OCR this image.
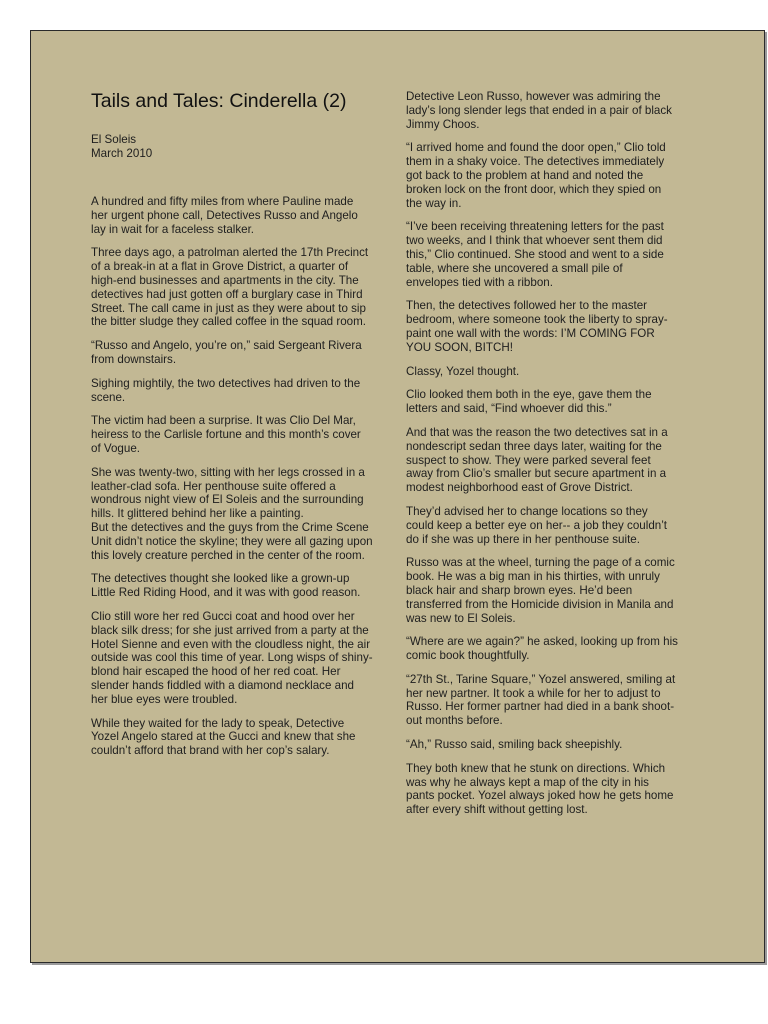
Tails and Tales: Cinderella (2)
El Soleis
March 2010

A hundred and fifty miles from where Pauline made her urgent phone call, Detectives Russo and Angelo lay in wait for a faceless stalker.

Three days ago, a patrolman alerted the 17th Precinct of a break-in at a flat in Grove District, a quarter of high-end businesses and apartments in the city. The detectives had just gotten off a burglary case in Third Street. The call came in just as they were about to sip the bitter sludge they called coffee in the squad room.

“Russo and Angelo, you’re on,” said Sergeant Rivera from downstairs.

Sighing mightily, the two detectives had driven to the scene.

The victim had been a surprise. It was Clio Del Mar, heiress to the Carlisle fortune and this month’s cover of Vogue.

She was twenty-two, sitting with her legs crossed in a leather-clad sofa. Her penthouse suite offered a wondrous night view of El Soleis and the surrounding hills. It glittered behind her like a painting.
But the detectives and the guys from the Crime Scene Unit didn’t notice the skyline; they were all gazing upon this lovely creature perched in the center of the room.

The detectives thought she looked like a grown-up Little Red Riding Hood, and it was with good reason.

Clio still wore her red Gucci coat and hood over her black silk dress; for she just arrived from a party at the Hotel Sienne and even with the cloudless night, the air outside was cool this time of year. Long wisps of shiny-blond hair escaped the hood of her red coat. Her slender hands fiddled with a diamond necklace and her blue eyes were troubled.

While they waited for the lady to speak, Detective Yozel Angelo stared at the Gucci and knew that she couldn’t afford that brand with her cop’s salary.

Detective Leon Russo, however was admiring the lady’s long slender legs that ended in a pair of black Jimmy Choos.

“I arrived home and found the door open,” Clio told them in a shaky voice. The detectives immediately got back to the problem at hand and noted the broken lock on the front door, which they spied on the way in.

“I’ve been receiving threatening letters for the past two weeks, and I think that whoever sent them did this,” Clio continued. She stood and went to a side table, where she uncovered a small pile of envelopes tied with a ribbon.

Then, the detectives followed her to the master bedroom, where someone took the liberty to spray-paint one wall with the words: I’M COMING FOR YOU SOON, BITCH!

Classy, Yozel thought.

Clio looked them both in the eye, gave them the letters and said, “Find whoever did this.”

And that was the reason the two detectives sat in a nondescript sedan three days later, waiting for the suspect to show. They were parked several feet away from Clio’s smaller but secure apartment in a modest neighborhood east of Grove District.

They’d advised her to change locations so they could keep a better eye on her-- a job they couldn’t do if she was up there in her penthouse suite.

Russo was at the wheel, turning the page of a comic book. He was a big man in his thirties, with unruly black hair and sharp brown eyes. He’d been transferred from the Homicide division in Manila and was new to El Soleis.

“Where are we again?” he asked, looking up from his comic book thoughtfully.

“27th St., Tarine Square,” Yozel answered, smiling at her new partner. It took a while for her to adjust to Russo. Her former partner had died in a bank shoot-out months before.

“Ah,” Russo said, smiling back sheepishly.

They both knew that he stunk on directions. Which was why he always kept a map of the city in his pants pocket. Yozel always joked how he gets home after every shift without getting lost.
